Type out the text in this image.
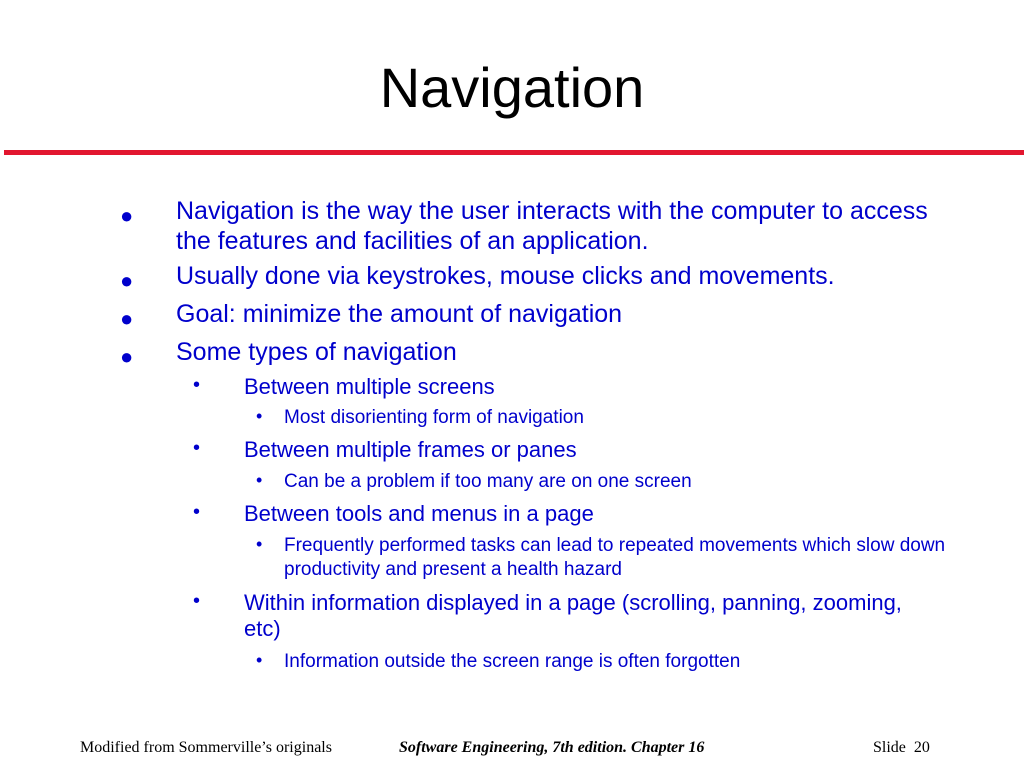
Navigation
● Navigation is the way the user interacts with the computer to access the features and facilities of an application.
● Usually done via keystrokes, mouse clicks and movements.
● Goal: minimize the amount of navigation
● Some types of navigation
• Between multiple screens
• Most disorienting form of navigation
• Between multiple frames or panes
• Can be a problem if too many are on one screen
• Between tools and menus in a page
• Frequently performed tasks can lead to repeated movements which slow down productivity and present a health hazard
• Within information displayed in a page (scrolling, panning, zooming, etc)
• Information outside the screen range is often forgotten
Modified from Sommerville’s originals	Software Engineering, 7th edition. Chapter 16	Slide 20
